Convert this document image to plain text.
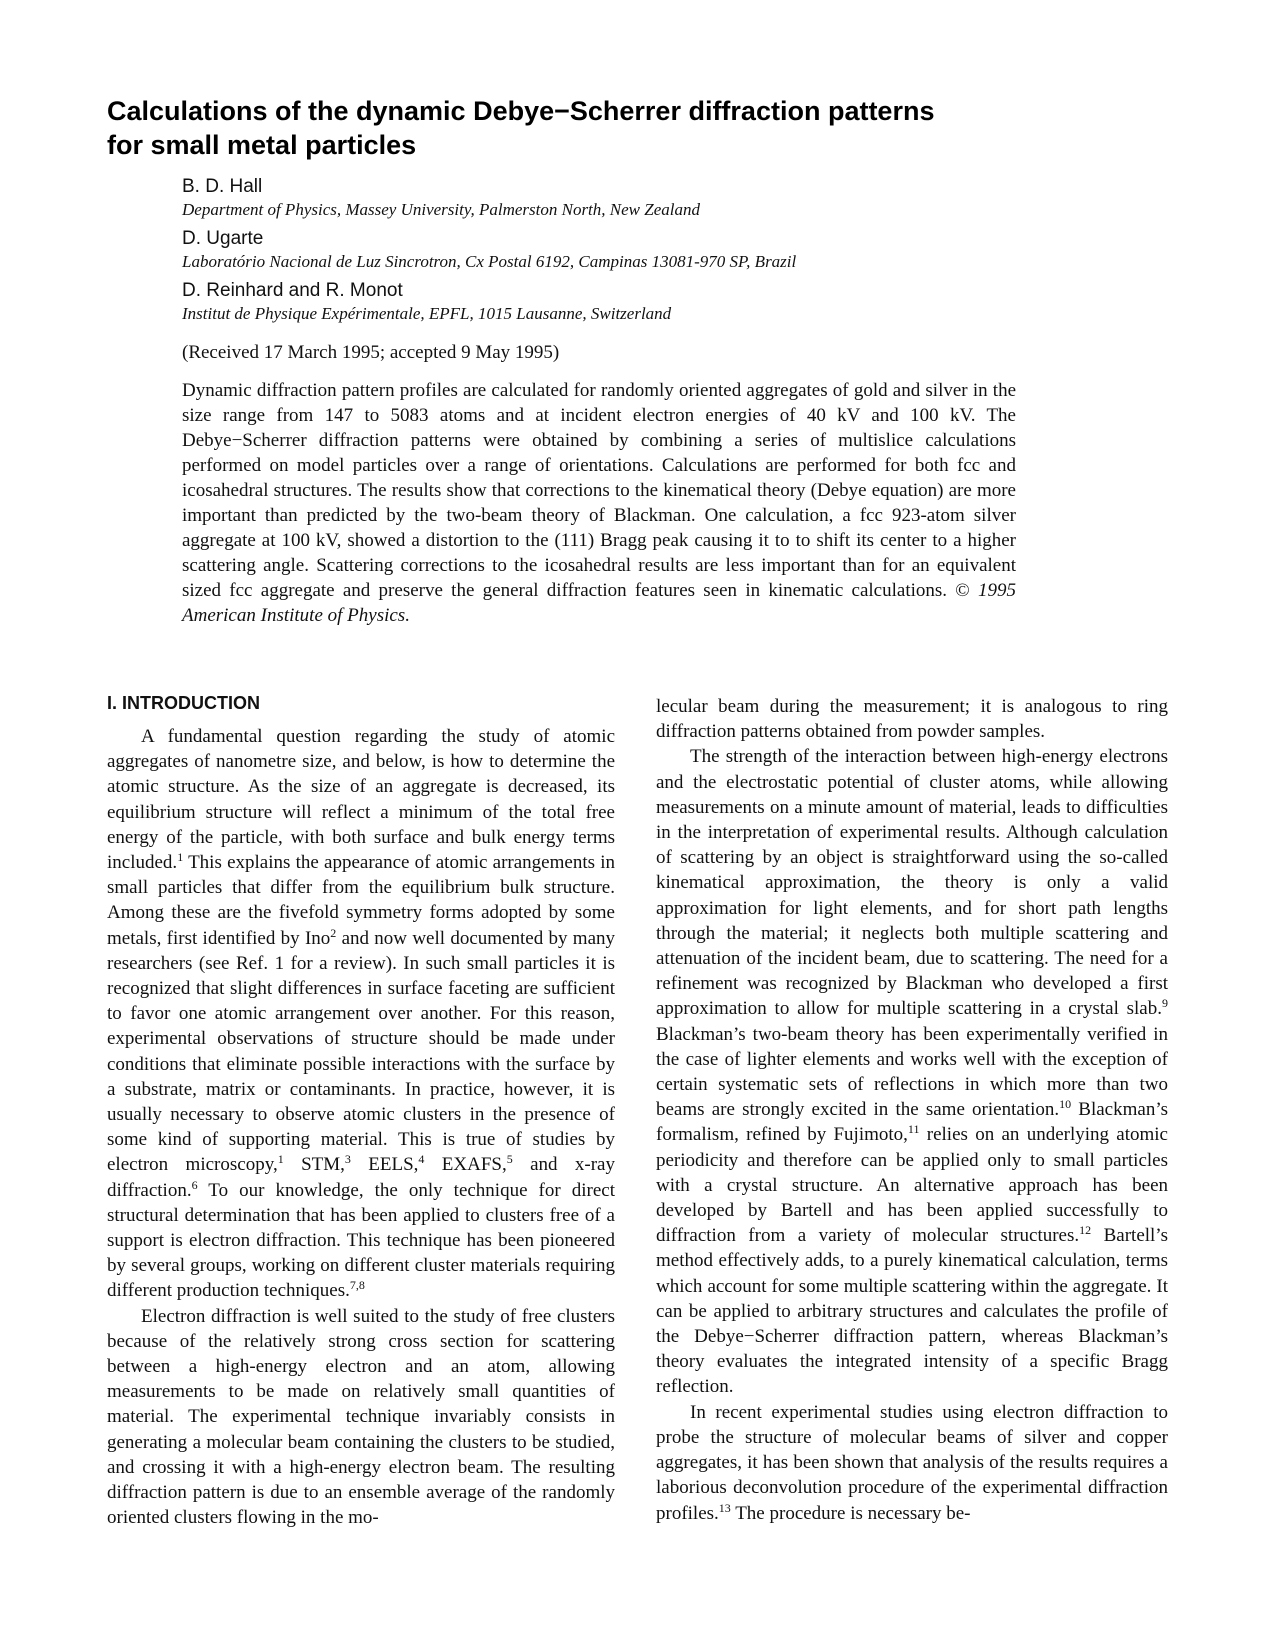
Calculations of the dynamic Debye−Scherrer diffraction patterns
for small metal particles
B. D. Hall
Department of Physics, Massey University, Palmerston North, New Zealand
D. Ugarte
Laboratório Nacional de Luz Sincrotron, Cx Postal 6192, Campinas 13081-970 SP, Brazil
D. Reinhard and R. Monot
Institut de Physique Expérimentale, EPFL, 1015 Lausanne, Switzerland
(Received 17 March 1995; accepted 9 May 1995)

Dynamic diffraction pattern profiles are calculated for randomly oriented aggregates of gold and silver in the size range from 147 to 5083 atoms and at incident electron energies of 40 kV and 100 kV. The Debye−Scherrer diffraction patterns were obtained by combining a series of multislice calculations performed on model particles over a range of orientations. Calculations are performed for both fcc and icosahedral structures. The results show that corrections to the kinematical theory (Debye equation) are more important than predicted by the two-beam theory of Blackman. One calculation, a fcc 923-atom silver aggregate at 100 kV, showed a distortion to the (111) Bragg peak causing it to to shift its center to a higher scattering angle. Scattering corrections to the icosahedral results are less important than for an equivalent sized fcc aggregate and preserve the general diffraction features seen in kinematic calculations. © 1995 American Institute of Physics.

I. INTRODUCTION

A fundamental question regarding the study of atomic aggregates of nanometre size, and below, is how to determine the atomic structure. As the size of an aggregate is decreased, its equilibrium structure will reflect a minimum of the total free energy of the particle, with both surface and bulk energy terms included.$^1$ This explains the appearance of atomic arrangements in small particles that differ from the equilibrium bulk structure. Among these are the fivefold symmetry forms adopted by some metals, first identified by Ino$^2$ and now well documented by many researchers (see Ref. 1 for a review). In such small particles it is recognized that slight differences in surface faceting are sufficient to favor one atomic arrangement over another. For this reason, experimental observations of structure should be made under conditions that eliminate possible interactions with the surface by a substrate, matrix or contaminants. In practice, however, it is usually necessary to observe atomic clusters in the presence of some kind of supporting material. This is true of studies by electron microscopy,$^1$ STM,$^3$ EELS,$^4$ EXAFS,$^5$ and x-ray diffraction.$^6$ To our knowledge, the only technique for direct structural determination that has been applied to clusters free of a support is electron diffraction. This technique has been pioneered by several groups, working on different cluster materials requiring different production techniques.$^{7,8}$

Electron diffraction is well suited to the study of free clusters because of the relatively strong cross section for scattering between a high-energy electron and an atom, allowing measurements to be made on relatively small quantities of material. The experimental technique invariably consists in generating a molecular beam containing the clusters to be studied, and crossing it with a high-energy electron beam. The resulting diffraction pattern is due to an ensemble average of the randomly oriented clusters flowing in the mo-

lecular beam during the measurement; it is analogous to ring diffraction patterns obtained from powder samples.

The strength of the interaction between high-energy electrons and the electrostatic potential of cluster atoms, while allowing measurements on a minute amount of material, leads to difficulties in the interpretation of experimental results. Although calculation of scattering by an object is straightforward using the so-called kinematical approximation, the theory is only a valid approximation for light elements, and for short path lengths through the material; it neglects both multiple scattering and attenuation of the incident beam, due to scattering. The need for a refinement was recognized by Blackman who developed a first approximation to allow for multiple scattering in a crystal slab.$^9$ Blackman’s two-beam theory has been experimentally verified in the case of lighter elements and works well with the exception of certain systematic sets of reflections in which more than two beams are strongly excited in the same orientation.$^{10}$ Blackman’s formalism, refined by Fujimoto,$^{11}$ relies on an underlying atomic periodicity and therefore can be applied only to small particles with a crystal structure. An alternative approach has been developed by Bartell and has been applied successfully to diffraction from a variety of molecular structures.$^{12}$ Bartell’s method effectively adds, to a purely kinematical calculation, terms which account for some multiple scattering within the aggregate. It can be applied to arbitrary structures and calculates the profile of the Debye−Scherrer diffraction pattern, whereas Blackman’s theory evaluates the integrated intensity of a specific Bragg reflection.

In recent experimental studies using electron diffraction to probe the structure of molecular beams of silver and copper aggregates, it has been shown that analysis of the results requires a laborious deconvolution procedure of the experimental diffraction profiles.$^{13}$ The procedure is necessary be-
